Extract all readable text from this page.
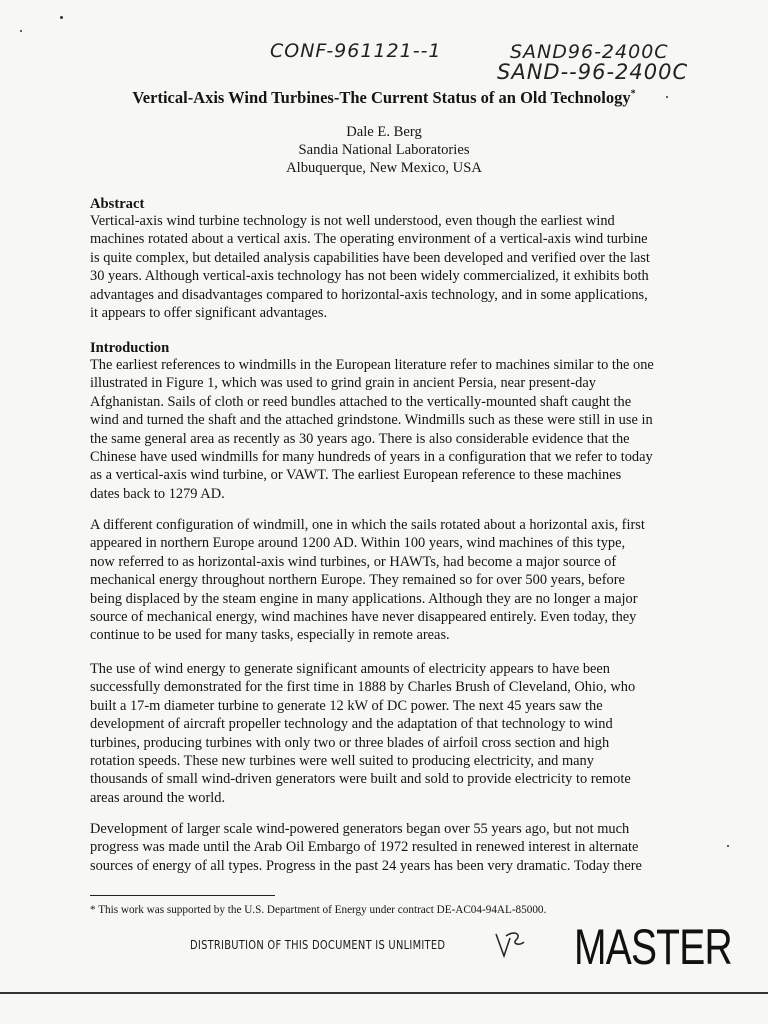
CONF-961121--1	SAND96-2400C
SAND--96-2400C
Vertical-Axis Wind Turbines-The Current Status of an Old Technology*
Dale E. Berg
Sandia National Laboratories
Albuquerque, New Mexico, USA
Abstract
Vertical-axis wind turbine technology is not well understood, even though the earliest wind
machines rotated about a vertical axis. The operating environment of a vertical-axis wind turbine
is quite complex, but detailed analysis capabilities have been developed and verified over the last
30 years. Although vertical-axis technology has not been widely commercialized, it exhibits both
advantages and disadvantages compared to horizontal-axis technology, and in some applications,
it appears to offer significant advantages.
Introduction
The earliest references to windmills in the European literature refer to machines similar to the one
illustrated in Figure 1, which was used to grind grain in ancient Persia, near present-day
Afghanistan. Sails of cloth or reed bundles attached to the vertically-mounted shaft caught the
wind and turned the shaft and the attached grindstone. Windmills such as these were still in use in
the same general area as recently as 30 years ago. There is also considerable evidence that the
Chinese have used windmills for many hundreds of years in a configuration that we refer to today
as a vertical-axis wind turbine, or VAWT. The earliest European reference to these machines
dates back to 1279 AD.
A different configuration of windmill, one in which the sails rotated about a horizontal axis, first
appeared in northern Europe around 1200 AD. Within 100 years, wind machines of this type,
now referred to as horizontal-axis wind turbines, or HAWTs, had become a major source of
mechanical energy throughout northern Europe. They remained so for over 500 years, before
being displaced by the steam engine in many applications. Although they are no longer a major
source of mechanical energy, wind machines have never disappeared entirely. Even today, they
continue to be used for many tasks, especially in remote areas.
The use of wind energy to generate significant amounts of electricity appears to have been
successfully demonstrated for the first time in 1888 by Charles Brush of Cleveland, Ohio, who
built a 17-m diameter turbine to generate 12 kW of DC power. The next 45 years saw the
development of aircraft propeller technology and the adaptation of that technology to wind
turbines, producing turbines with only two or three blades of airfoil cross section and high
rotation speeds. These new turbines were well suited to producing electricity, and many
thousands of small wind-driven generators were built and sold to provide electricity to remote
areas around the world.
Development of larger scale wind-powered generators began over 55 years ago, but not much
progress was made until the Arab Oil Embargo of 1972 resulted in renewed interest in alternate
sources of energy of all types. Progress in the past 24 years has been very dramatic. Today there
* This work was supported by the U.S. Department of Energy under contract DE-AC04-94AL-85000.
DISTRIBUTION OF THIS DOCUMENT IS UNLIMITED	MASTER
